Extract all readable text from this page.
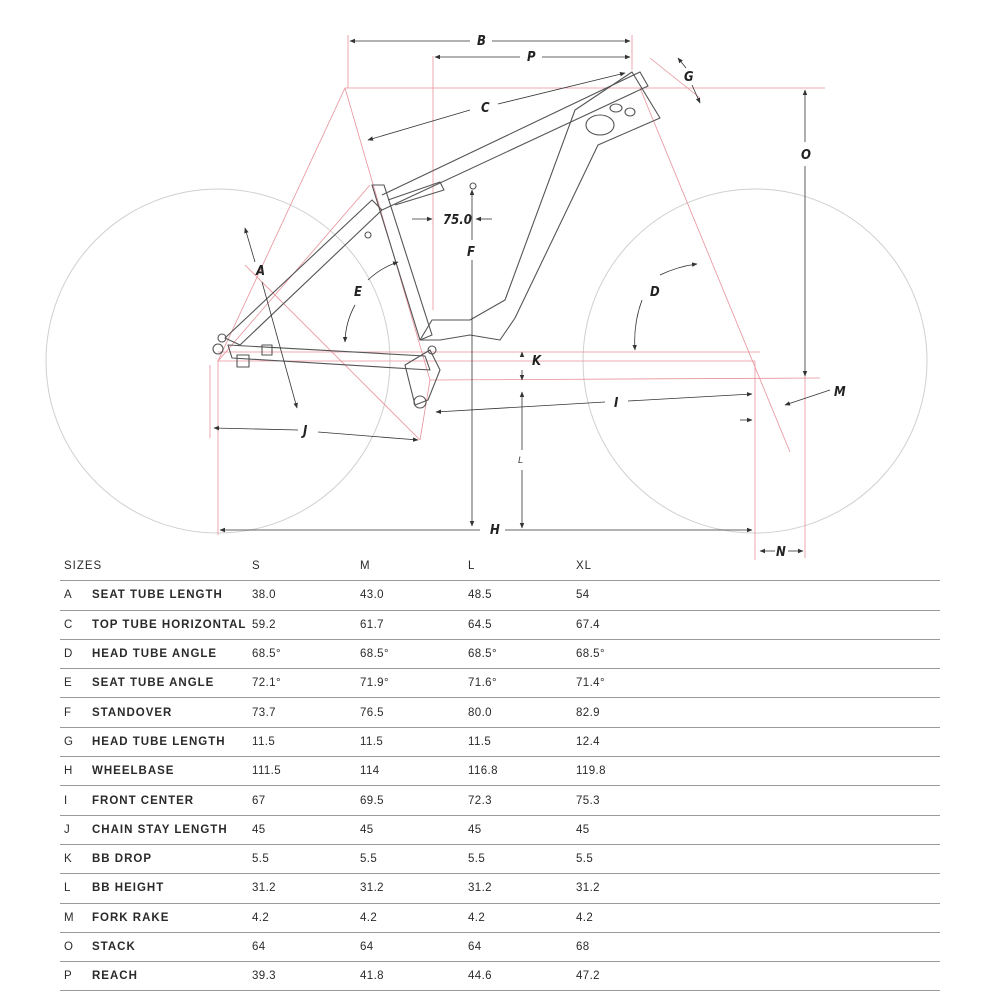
A
B
C
D
E
F
G
H
I
J
K
L
M
N
O
P
75.0
SIZES		S	M	L	XL	
A	SEAT TUBE LENGTH	38.0	43.0	48.5	54	
C	TOP TUBE HORIZONTAL	59.2	61.7	64.5	67.4	
D	HEAD TUBE ANGLE	68.5°	68.5°	68.5°	68.5°	
E	SEAT TUBE ANGLE	72.1°	71.9°	71.6°	71.4°	
F	STANDOVER	73.7	76.5	80.0	82.9	
G	HEAD TUBE LENGTH	11.5	11.5	11.5	12.4	
H	WHEELBASE	111.5	114	116.8	119.8	
I	FRONT CENTER	67	69.5	72.3	75.3	
J	CHAIN STAY LENGTH	45	45	45	45	
K	BB DROP	5.5	5.5	5.5	5.5	
L	BB HEIGHT	31.2	31.2	31.2	31.2	
M	FORK RAKE	4.2	4.2	4.2	4.2	
O	STACK	64	64	64	68	
P	REACH	39.3	41.8	44.6	47.2	
